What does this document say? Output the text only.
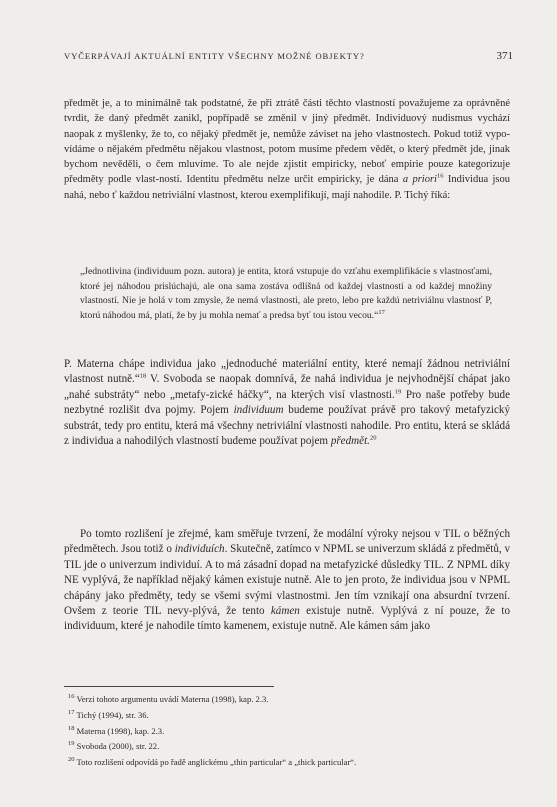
VYČERPÁVAJÍ AKTUÁLNÍ ENTITY VŠECHNY MOŽNÉ OBJEKTY?	371
předmět je, a to minimálně tak podstatné, že při ztrátě části těchto vlastností považujeme za oprávněné tvrdit, že daný předmět zanikl, popřípadě se změnil v jiný předmět. Individuový nudismus vychází naopak z myšlenky, že to, co nějaký předmět je, nemůže záviset na jeho vlastnostech. Pokud totiž vypo-vídáme o nějakém předmětu nějakou vlastnost, potom musíme předem vědět, o který předmět jde, jinak bychom nevěděli, o čem mluvíme. To ale nejde zjistit empiricky, neboť empirie pouze kategorizuje předměty podle vlast-ností. Identitu předmětu nelze určit empiricky, je dána a priori$^{16}$ Individua jsou nahá, nebo ť každou netriviální vlastnost, kterou exemplifikují, mají nahodile. P. Tichý říká:
„Jednotlivina (individuum pozn. autora) je entita, ktorá vstupuje do vzťahu exemplifikácie s vlastnosťami, ktoré jej náhodou prislúchajú, ale ona sama zostáva odlišná od každej vlastnosti a od každej množiny vlastností. Nie je holá v tom zmysle, že nemá vlastnosti, ale preto, lebo pre každú netriviálnu vlastnosť P, ktorú náhodou má, platí, že by ju mohla nemať a predsa byť tou istou vecou.“$^{17}$
P. Materna chápe individua jako „jednoduché materiální entity, které nemají žádnou netriviální vlastnost nutně.“$^{18}$ V. Svoboda se naopak domnívá, že nahá individua je nejvhodnější chápat jako „nahé substráty“ nebo „metafy-zické háčky“, na kterých visí vlastnosti.$^{19}$ Pro naše potřeby bude nezbytné rozlišit dva pojmy. Pojem individuum budeme používat právě pro takový metafyzický substrát, tedy pro entitu, která má všechny netriviální vlastnosti nahodile. Pro entitu, která se skládá z individua a nahodilých vlastností budeme používat pojem předmět.$^{20}$
Po tomto rozlišení je zřejmé, kam směřuje tvrzení, že modální výroky nejsou v TIL o běžných předmětech. Jsou totiž o individuích. Skutečně, zatímco v NPML se univerzum skládá z předmětů, v TIL jde o univerzum individuí. A to má zásadní dopad na metafyzické důsledky TIL. Z NPML díky NE vyplývá, že například nějaký kámen existuje nutně. Ale to jen proto, že individua jsou v NPML chápány jako předměty, tedy se všemi svými vlastnostmi. Jen tím vznikají ona absurdní tvrzení. Ovšem z teorie TIL nevy-plývá, že tento kámen existuje nutně. Vyplývá z ní pouze, že to individuum, které je nahodile tímto kamenem, existuje nutně. Ale kámen sám jako
$^{16}$ Verzi tohoto argumentu uvádí Materna (1998), kap. 2.3.
$^{17}$ Tichý (1994), str. 36.
$^{18}$ Materna (1998), kap. 2.3.
$^{19}$ Svoboda (2000), str. 22.
$^{20}$ Toto rozlišení odpovídá po řadě anglickému „thin particular“ a „thick particular“.
